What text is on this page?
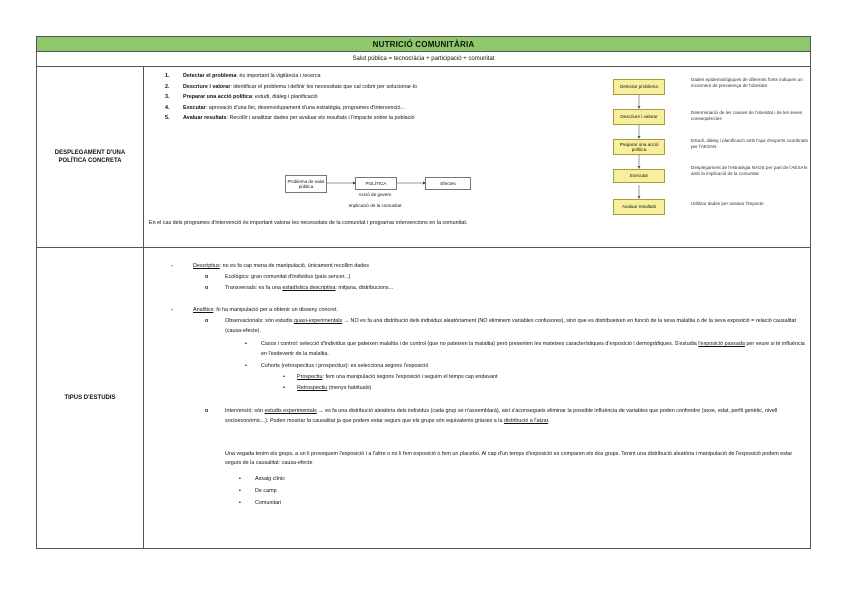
NUTRICIÓ COMUNITÀRIA
Salut pública = tecnocràcia + participació + comunitat
DESPLEGAMENT D'UNA POLÍTICA CONCRETA
1.	Detectar el problema: és important la vigilància i recerca
2.	Descriure i valorar: identificar el problema i definir les necessitats que cal cobrir per solucionar-lo
3.	Preparar una acció política: estudi, diàleg i planificació
4.	Executar: aprovació d'una llei, desenvolupament d'una estratègia, programes d'intervenció...
5.	Avaluar resultats: Recollir i analitzar dades per avaluar els resultats i l'impacte sobre la població
Problema de salut pública
POLÍTICA	Efectes
Acció de govern
Implicació de la comunitat
En el cas dels programes d'intervenció és important valorar les necessitats de la comunitat i programar intervencions en la comunitat.
Detectar problema
Descriure i valorar
Preparar una acció política
Executar
Avaluar resultats
Dades epidemiològiques de diferents fonts indiquen un increment de prevalença de l'obesitat
Determinació de les causes de l'obesitat i de les seves conseqüències
Estudi, diàleg i planificació amb l'ajut d'experts coordinats per l'AESAN
Desplegament de l'estratègia NAOS per part de l'AESAN amb la implicació de la comunitat
Utilitzar dades per avaluar l'impacte
TIPUS D'ESTUDIS
-	Descriptius: no es fa cap mena de manipulació, únicament recollim dades
o	Ecològics: gran comunitat d'individus (país sencer...)
o	Transversals: es fa una estadística descriptiva: mitjana, distribucions...
-	Analítics: hi ha manipulació per a obtenir un disseny concret.
o	Observacionals: són estudis quasi-experimentals → NO es fa una distribució dels individus aleatòriament (NO eliminem variables confusores), sinó que es distribueixen en funció de la seva malaltia o de la seva exposició = relació causalitat (causa-efecte).
▪	Casos i control: selecció d'individus que pateixen malaltia i de control (que no pateixen la malaltia) però presenten les mateixes característiques d'exposició i demogràfiques. S'estudia l'exposició passada per veure si té influència en l'esdevenir de la malaltia.
▪	Cohorts (retrospectius i prospectius): es selecciona segons l'exposició
▪ Prospectiu: fem una manipulació segons l'exposició i seguim el temps cap endavant
▪ Retrospectiu (menys habituals)
o	Intervenció: són estudis experimentals → es fa una distribució aleatòria dels individus (cada grup se n'assemblarà), així s'aconsegueix eliminar la possible influència de variables que poden confondre (sexe, edat, perfil genètic, nivell socioeconòmic...). Poden mostrar la causalitat ja que podem estar segurs que els grups són equivalents gràcies a la distribució a l'atzar.
Una vegada tenim els grups, a un li provoquem l'exposició i a l'altre o no li fem exposició o fem un placebo. Al cap d'un temps d'exposició es comparen els dos grups. Tenint una distribució aleatòria i manipulació de l'exposició podem estar segurs de la causalitat: causa-efecte
▪	Assaig clínic
▪	De camp
▪	Comunitari
